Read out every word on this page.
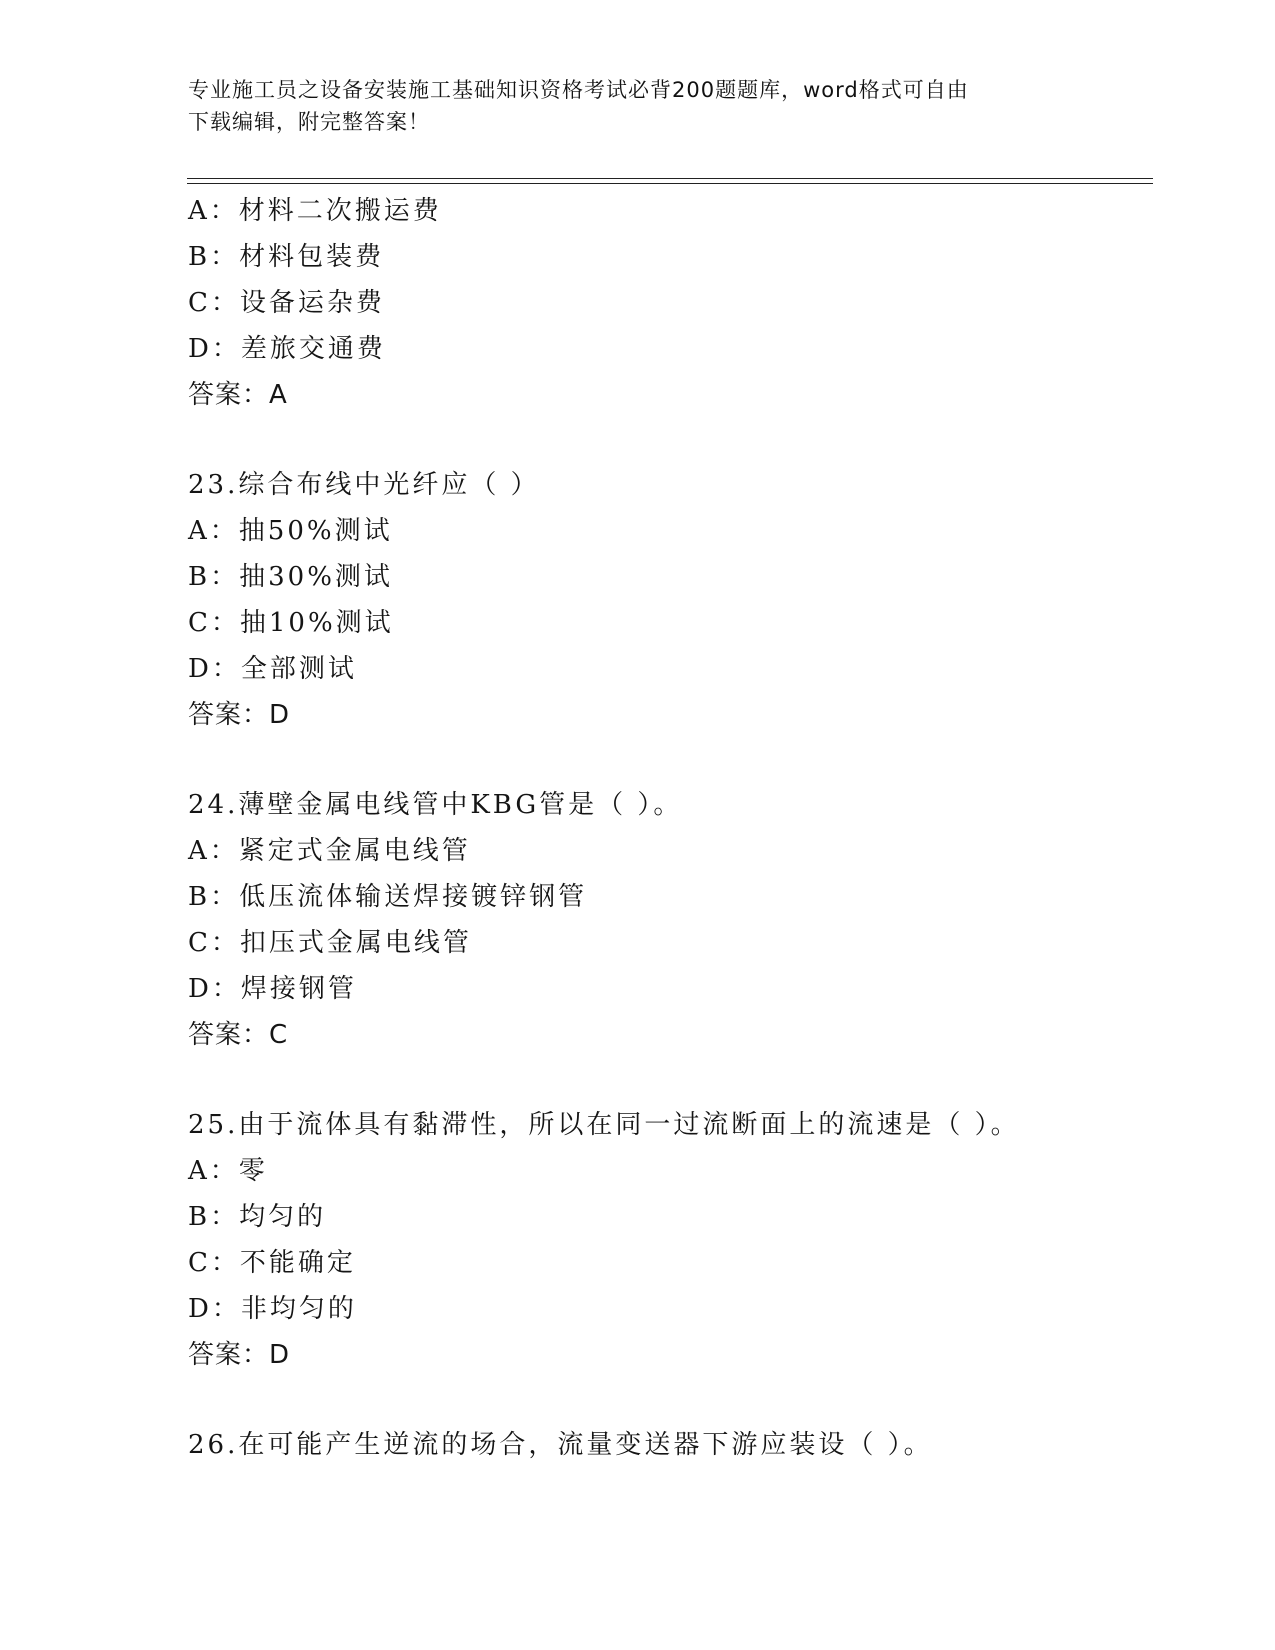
专业施工员之设备安装施工基础知识资格考试必背200题题库，word格式可自由
下载编辑，附完整答案！
A：材料二次搬运费
B：材料包装费
C：设备运杂费
D：差旅交通费
答案：A
23.综合布线中光纤应（ ）
A：抽50%测试
B：抽30%测试
C：抽10%测试
D：全部测试
答案：D
24.薄壁金属电线管中KBG管是（ ）。
A：紧定式金属电线管
B：低压流体输送焊接镀锌钢管
C：扣压式金属电线管
D：焊接钢管
答案：C
25.由于流体具有黏滞性，所以在同一过流断面上的流速是（ ）。
A：零
B：均匀的
C：不能确定
D：非均匀的
答案：D
26.在可能产生逆流的场合，流量变送器下游应装设（ ）。
